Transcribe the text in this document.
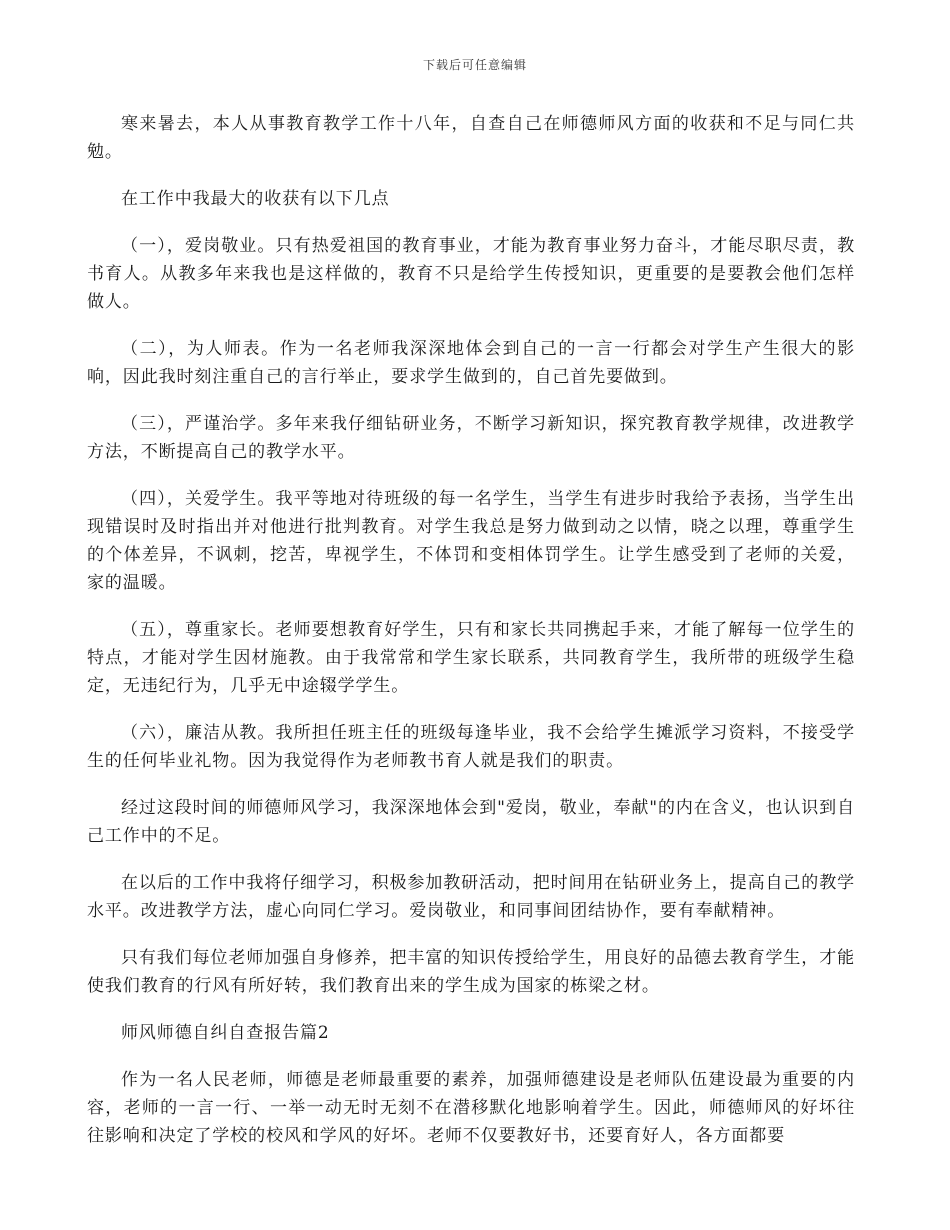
下载后可任意编辑

寒来暑去，本人从事教育教学工作十八年，自查自己在师德师风方面的收获和不足与同仁共勉。

在工作中我最大的收获有以下几点

（一），爱岗敬业。只有热爱祖国的教育事业，才能为教育事业努力奋斗，才能尽职尽责，教书育人。从教多年来我也是这样做的，教育不只是给学生传授知识，更重要的是要教会他们怎样做人。

（二），为人师表。作为一名老师我深深地体会到自己的一言一行都会对学生产生很大的影响，因此我时刻注重自己的言行举止，要求学生做到的，自己首先要做到。

（三），严谨治学。多年来我仔细钻研业务，不断学习新知识，探究教育教学规律，改进教学方法，不断提高自己的教学水平。

（四），关爱学生。我平等地对待班级的每一名学生，当学生有进步时我给予表扬，当学生出现错误时及时指出并对他进行批判教育。对学生我总是努力做到动之以情，晓之以理，尊重学生的个体差异，不讽刺，挖苦，卑视学生，不体罚和变相体罚学生。让学生感受到了老师的关爱，家的温暖。

（五），尊重家长。老师要想教育好学生，只有和家长共同携起手来，才能了解每一位学生的特点，才能对学生因材施教。由于我常常和学生家长联系，共同教育学生，我所带的班级学生稳定，无违纪行为，几乎无中途辍学学生。

（六），廉洁从教。我所担任班主任的班级每逢毕业，我不会给学生摊派学习资料，不接受学生的任何毕业礼物。因为我觉得作为老师教书育人就是我们的职责。

经过这段时间的师德师风学习，我深深地体会到"爱岗，敬业，奉献"的内在含义，也认识到自己工作中的不足。

在以后的工作中我将仔细学习，积极参加教研活动，把时间用在钻研业务上，提高自己的教学水平。改进教学方法，虚心向同仁学习。爱岗敬业，和同事间团结协作，要有奉献精神。

只有我们每位老师加强自身修养，把丰富的知识传授给学生，用良好的品德去教育学生，才能使我们教育的行风有所好转，我们教育出来的学生成为国家的栋梁之材。

师风师德自纠自查报告篇2

作为一名人民老师，师德是老师最重要的素养，加强师德建设是老师队伍建设最为重要的内容，老师的一言一行、一举一动无时无刻不在潜移默化地影响着学生。因此，师德师风的好坏往往影响和决定了学校的校风和学风的好坏。老师不仅要教好书，还要育好人，各方面都要
